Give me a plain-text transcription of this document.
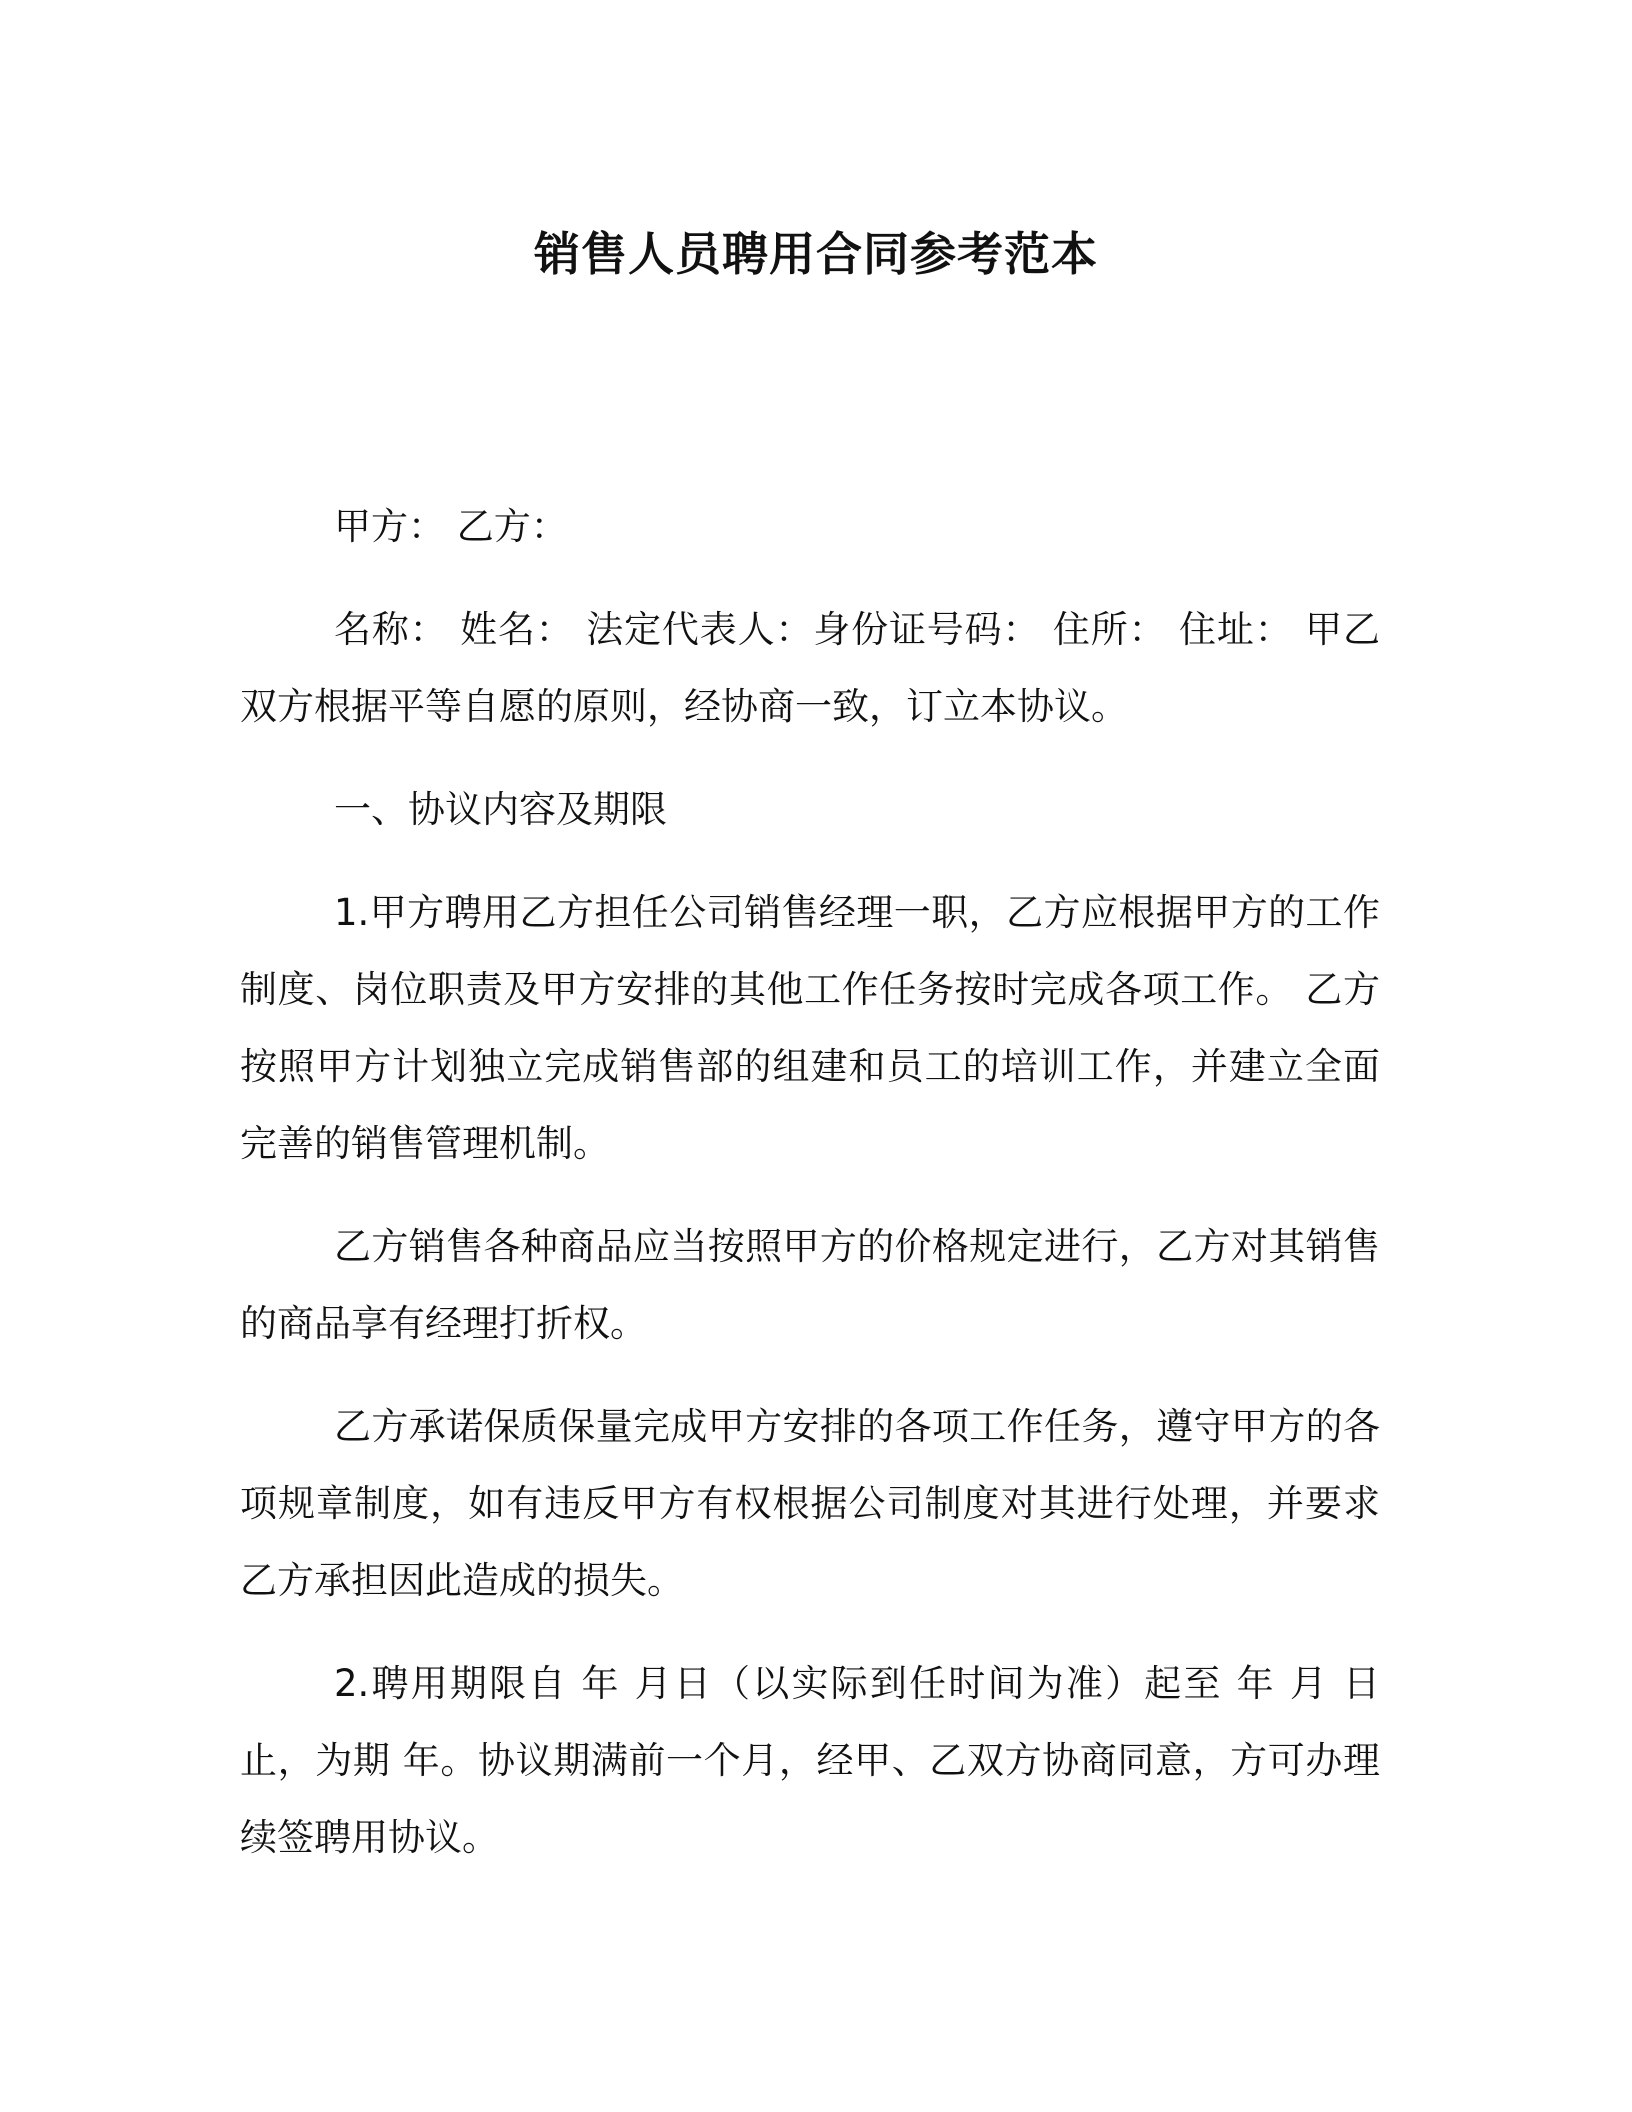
销售人员聘用合同参考范本

甲方： 乙方：

名称： 姓名： 法定代表人：身份证号码： 住所： 住址： 甲乙双方根据平等自愿的原则，经协商一致，订立本协议。

一、协议内容及期限

1.甲方聘用乙方担任公司销售经理一职，乙方应根据甲方的工作制度、岗位职责及甲方安排的其他工作任务按时完成各项工作。 乙方按照甲方计划独立完成销售部的组建和员工的培训工作，并建立全面完善的销售管理机制。

乙方销售各种商品应当按照甲方的价格规定进行，乙方对其销售的商品享有经理打折权。

乙方承诺保质保量完成甲方安排的各项工作任务，遵守甲方的各项规章制度，如有违反甲方有权根据公司制度对其进行处理，并要求乙方承担因此造成的损失。

2.聘用期限自 年 月日（以实际到任时间为准）起至 年 月 日止，为期 年。协议期满前一个月，经甲、乙双方协商同意，方可办理续签聘用协议。
